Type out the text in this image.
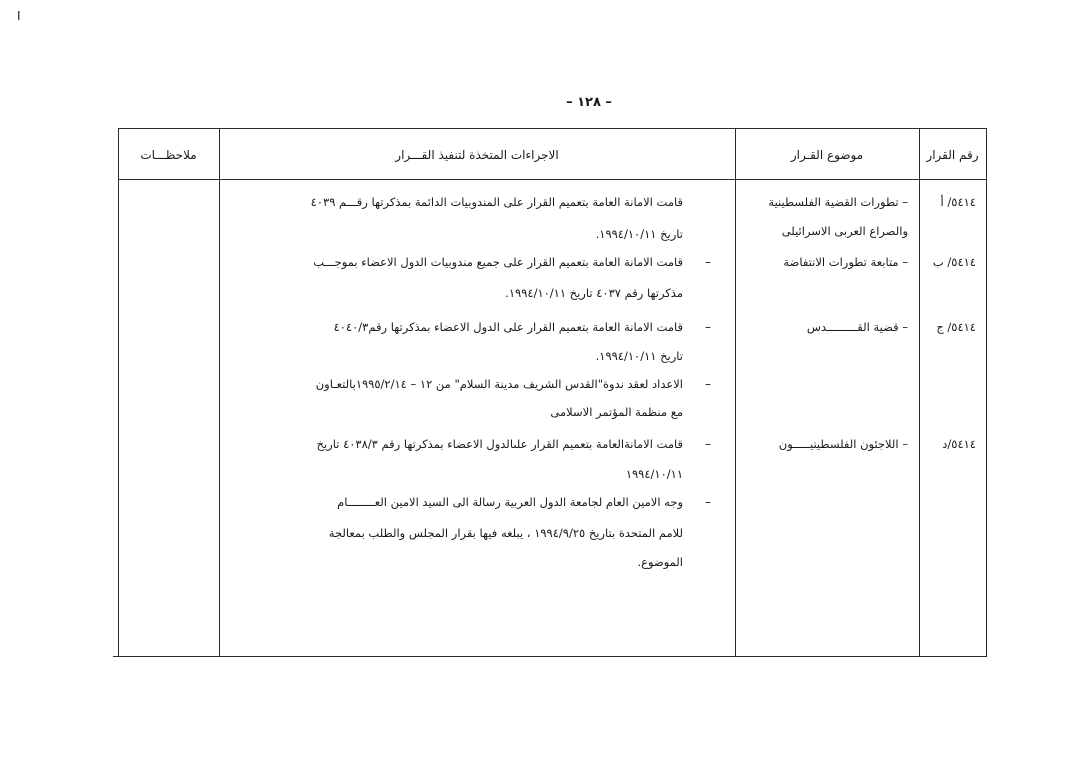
I
– ١٢٨ –
رقم القرار
موضوع القـرار
الاجراءات المتخذة لتنفيذ القـــرار
ملاحظـــات
٥٤١٤/ أ
– تطورات القضية الفلسطينية
والصراع العربى الاسرائيلى
قامت الامانة العامة بتعميم القرار على المندوبيات الدائمة بمذكرتها رقـــم ٤٠٣٩
تاريخ ١٩٩٤/١٠/١١.
٥٤١٤/ ب
– متابعة تطورات الانتفاضة
–
قامت الامانة العامة بتعميم القرار على جميع مندوبيات الدول الاعضاء بموجـــب
مذكرتها رقم ٤٠٣٧ تاريخ ١٩٩٤/١٠/١١.
٥٤١٤/ ج
– قضية القـــــــــدس
–
قامت الامانة العامة بتعميم القرار على الدول الاعضاء بمذكرتها رقم٤٠٤٠/٣
تاريخ ١٩٩٤/١٠/١١.
–
الاعداد لعقد ندوة"القدس الشريف مدينة السلام" من ١٢ – ١٩٩٥/٢/١٤بالتعـاون
مع منظمة المؤتمر الاسلامى
٥٤١٤/د
– اللاجئون الفلسطينيـــــون
–
قامت الامانةالعامة بتعميم القرار علىالدول الاعضاء بمذكرتها رقم ٤٠٣٨/٣ تاريخ
١٩٩٤/١٠/١١
–
وجه الامين العام لجامعة الدول العربية رسالة الى السيد الامين العــــــــام
للامم المتحدة بتاريخ ١٩٩٤/٩/٢٥ ، يبلغه فيها بقرار المجلس والطلب بمعالجة
الموضوع.
